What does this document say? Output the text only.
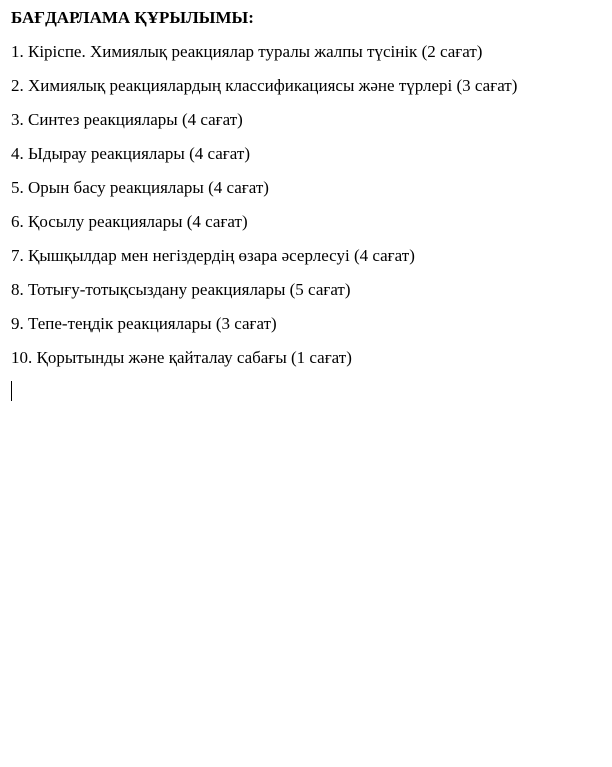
БАҒДАРЛАМА ҚҰРЫЛЫМЫ:
1. Кіріспе. Химиялық реакциялар туралы жалпы түсінік (2 сағат)
2. Химиялық реакциялардың классификациясы және түрлері (3 сағат)
3. Синтез реакциялары (4 сағат)
4. Ыдырау реакциялары (4 сағат)
5. Орын басу реакциялары (4 сағат)
6. Қосылу реакциялары (4 сағат)
7. Қышқылдар мен негіздердің өзара әсерлесуі (4 сағат)
8. Тотығу-тотықсыздану реакциялары (5 сағат)
9. Тепе-теңдік реакциялары (3 сағат)
10. Қорытынды және қайталау сабағы (1 сағат)
